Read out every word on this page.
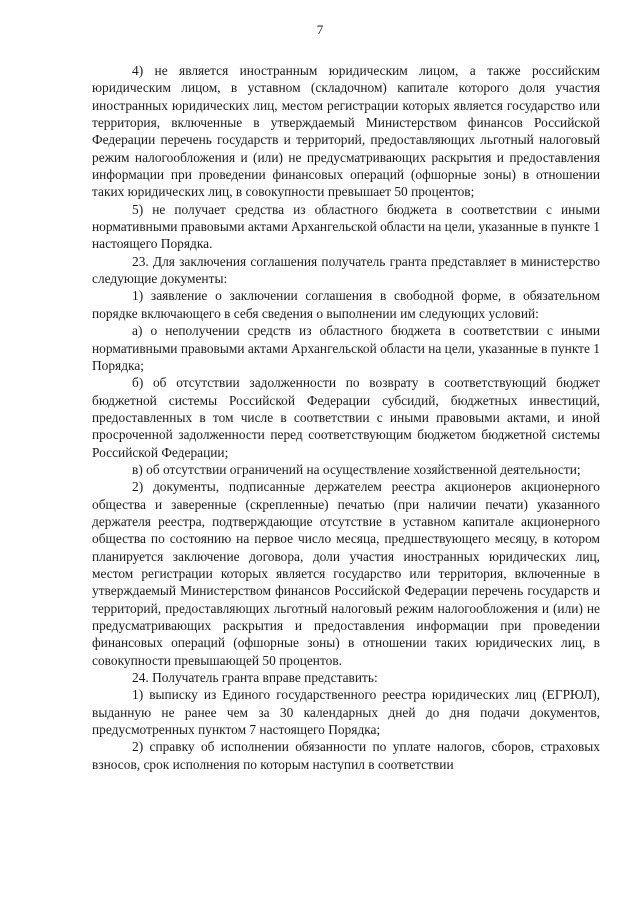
7

4) не является иностранным юридическим лицом, а также российским юридическим лицом, в уставном (складочном) капитале которого доля участия иностранных юридических лиц, местом регистрации которых является государство или территория, включенные в утверждаемый Министерством финансов Российской Федерации перечень государств и территорий, предоставляющих льготный налоговый режим налогообложения и (или) не предусматривающих раскрытия и предоставления информации при проведении финансовых операций (офшорные зоны) в отношении таких юридических лиц, в совокупности превышает 50 процентов;

5) не получает средства из областного бюджета в соответствии с иными нормативными правовыми актами Архангельской области на цели, указанные в пункте 1 настоящего Порядка.

23. Для заключения соглашения получатель гранта представляет в министерство следующие документы:

1) заявление о заключении соглашения в свободной форме, в обязательном порядке включающего в себя сведения о выполнении им следующих условий:

а) о неполучении средств из областного бюджета в соответствии с иными нормативными правовыми актами Архангельской области на цели, указанные в пункте 1 Порядка;

б) об отсутствии задолженности по возврату в соответствующий бюджет бюджетной системы Российской Федерации субсидий, бюджетных инвестиций, предоставленных в том числе в соответствии с иными правовыми актами, и иной просроченной задолженности перед соответствующим бюджетом бюджетной системы Российской Федерации;

в) об отсутствии ограничений на осуществление хозяйственной деятельности;

2) документы, подписанные держателем реестра акционеров акционерного общества и заверенные (скрепленные) печатью (при наличии печати) указанного держателя реестра, подтверждающие отсутствие в уставном капитале акционерного общества по состоянию на первое число месяца, предшествующего месяцу, в котором планируется заключение договора, доли участия иностранных юридических лиц, местом регистрации которых является государство или территория, включенные в утверждаемый Министерством финансов Российской Федерации перечень государств и территорий, предоставляющих льготный налоговый режим налогообложения и (или) не предусматривающих раскрытия и предоставления информации при проведении финансовых операций (офшорные зоны) в отношении таких юридических лиц, в совокупности превышающей 50 процентов.

24. Получатель гранта вправе представить:

1) выписку из Единого государственного реестра юридических лиц (ЕГРЮЛ), выданную не ранее чем за 30 календарных дней до дня подачи документов, предусмотренных пунктом 7 настоящего Порядка;

2) справку об исполнении обязанности по уплате налогов, сборов, страховых взносов, срок исполнения по которым наступил в соответствии
